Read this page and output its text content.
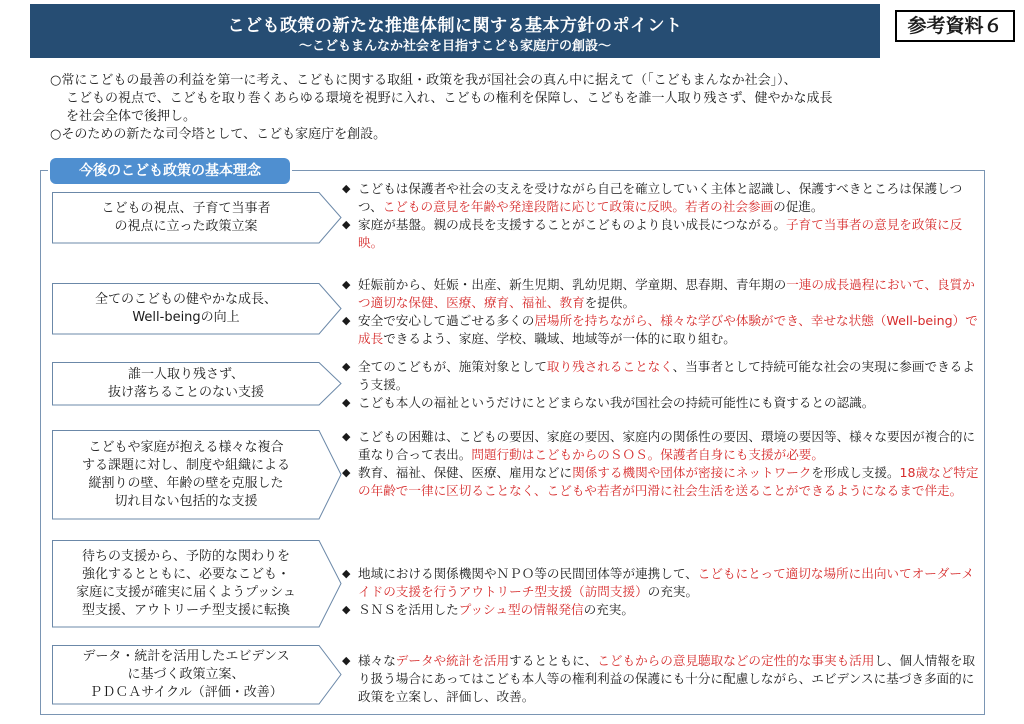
こども政策の新たな推進体制に関する基本方針のポイント
～こどもまんなか社会を目指すこども家庭庁の創設～
参考資料６

○常にこどもの最善の利益を第一に考え、こどもに関する取組・政策を我が国社会の真ん中に据えて（「こどもまんなか社会」）、

こどもの視点で、こどもを取り巻くあらゆる環境を視野に入れ、こどもの権利を保障し、こどもを誰一人取り残さず、健やかな成長

を社会全体で後押し。

○そのための新たな司令塔として、こども家庭庁を創設。

今後のこども政策の基本理念
こどもの視点、子育て当事者
の視点に立った政策立案
◆ こどもは保護者や社会の支えを受けながら自己を確立していく主体と認識し、保護すべきところは保護しつつ、こどもの意見を年齢や発達段階に応じて政策に反映。若者の社会参画の促進。
◆ 家庭が基盤。親の成長を支援することがこどものより良い成長につながる。子育て当事者の意見を政策に反映。
全てのこどもの健やかな成長、
Well-beingの向上
◆ 妊娠前から、妊娠・出産、新生児期、乳幼児期、学童期、思春期、青年期の一連の成長過程において、良質かつ適切な保健、医療、療育、福祉、教育を提供。
◆ 安全で安心して過ごせる多くの居場所を持ちながら、様々な学びや体験ができ、幸せな状態（Well-being）で成長できるよう、家庭、学校、職域、地域等が一体的に取り組む。
誰一人取り残さず、
抜け落ちることのない支援
◆ 全てのこどもが、施策対象として取り残されることなく、当事者として持続可能な社会の実現に参画できるよう支援。
◆ こども本人の福祉というだけにとどまらない我が国社会の持続可能性にも資するとの認識。
こどもや家庭が抱える様々な複合
する課題に対し、制度や組織による
縦割りの壁、年齢の壁を克服した
切れ目ない包括的な支援
◆ こどもの困難は、こどもの要因、家庭の要因、家庭内の関係性の要因、環境の要因等、様々な要因が複合的に重なり合って表出。問題行動はこどもからのＳＯＳ。保護者自身にも支援が必要。
◆ 教育、福祉、保健、医療、雇用などに関係する機関や団体が密接にネットワークを形成し支援。18歳など特定の年齢で一律に区切ることなく、こどもや若者が円滑に社会生活を送ることができるようになるまで伴走。
待ちの支援から、予防的な関わりを
強化するとともに、必要なこども・
家庭に支援が確実に届くようプッシュ
型支援、アウトリーチ型支援に転換
◆ 地域における関係機関やＮＰＯ等の民間団体等が連携して、こどもにとって適切な場所に出向いてオーダーメイドの支援を行うアウトリーチ型支援（訪問支援）の充実。
◆ ＳＮＳを活用したプッシュ型の情報発信の充実。
データ・統計を活用したエビデンス
に基づく政策立案、
ＰＤＣＡサイクル（評価・改善）
◆ 様々なデータや統計を活用するとともに、こどもからの意見聴取などの定性的な事実も活用し、個人情報を取り扱う場合にあってはこども本人等の権利利益の保護にも十分に配慮しながら、エビデンスに基づき多面的に政策を立案し、評価し、改善。
